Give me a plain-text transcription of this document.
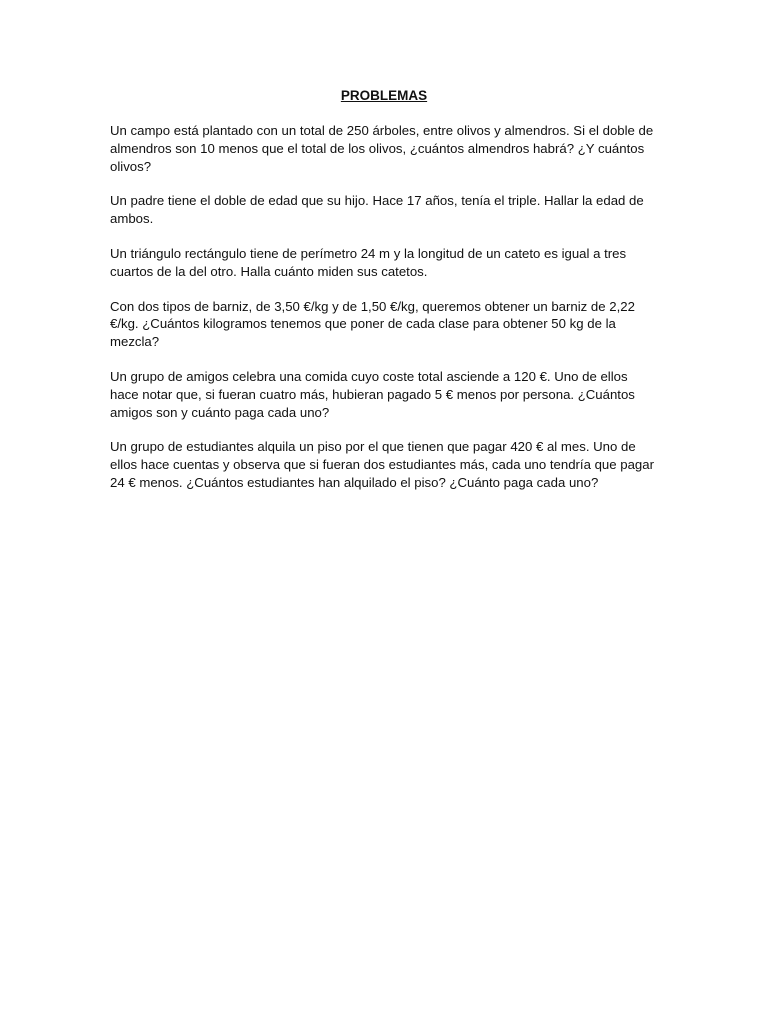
PROBLEMAS
Un campo está plantado con un total de 250 árboles, entre olivos y almendros. Si el doble de almendros son 10 menos que el total de los olivos, ¿cuántos almendros habrá? ¿Y cuántos olivos?
Un padre tiene el doble de edad que su hijo. Hace 17 años, tenía el triple. Hallar la edad de ambos.
Un triángulo rectángulo tiene de perímetro 24 m y la longitud de un cateto es igual a tres cuartos de la del otro. Halla cuánto miden sus catetos.
Con dos tipos de barniz, de 3,50 €/kg y de 1,50 €/kg, queremos obtener un barniz de 2,22 €/kg. ¿Cuántos kilogramos tenemos que poner de cada clase para obtener 50 kg de la mezcla?
Un grupo de amigos celebra una comida cuyo coste total asciende a 120 €. Uno de ellos hace notar que, si fueran cuatro más, hubieran pagado 5 € menos por persona. ¿Cuántos amigos son y cuánto paga cada uno?
Un grupo de estudiantes alquila un piso por el que tienen que pagar 420 € al mes. Uno de ellos hace cuentas y observa que si fueran dos estudiantes más, cada uno tendría que pagar 24 € menos. ¿Cuántos estudiantes han alquilado el piso? ¿Cuánto paga cada uno?
